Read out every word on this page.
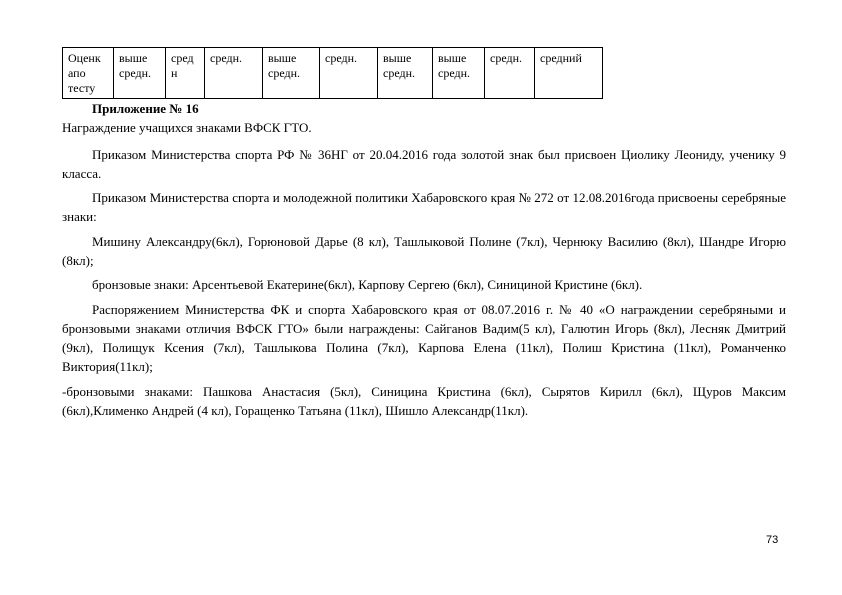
Оценк апо тесту	выше средн.	сред н	средн.	выше средн.	средн.	выше средн.	выше средн.	средн.	средний
Приложение № 16
Награждение учащихся знаками ВФСК ГТО.
Приказом Министерства спорта РФ № 36НГ от 20.04.2016 года золотой знак был присвоен Циолику Леониду, ученику 9 класса.
Приказом Министерства спорта и молодежной политики Хабаровского края № 272 от 12.08.2016года присвоены серебряные знаки:
Мишину Александру(6кл), Горюновой Дарье (8 кл), Ташлыковой Полине (7кл), Чернюку Василию (8кл), Шандре Игорю (8кл);
бронзовые знаки: Арсентьевой Екатерине(6кл), Карпову Сергею (6кл), Синициной Кристине (6кл).
Распоряжением Министерства ФК и спорта Хабаровского края от 08.07.2016 г. № 40 «О награждении серебряными и бронзовыми знаками отличия ВФСК ГТО» были награждены: Сайганов Вадим(5 кл), Галютин Игорь (8кл), Лесняк Дмитрий (9кл), Полищук Ксения (7кл), Ташлыкова Полина (7кл), Карпова Елена (11кл), Полиш Кристина (11кл), Романченко Виктория(11кл);
-бронзовыми знаками: Пашкова Анастасия (5кл), Синицина Кристина (6кл), Сырятов Кирилл (6кл), Щуров Максим (6кл),Клименко Андрей (4 кл), Горащенко Татьяна (11кл), Шишло Александр(11кл).
73
